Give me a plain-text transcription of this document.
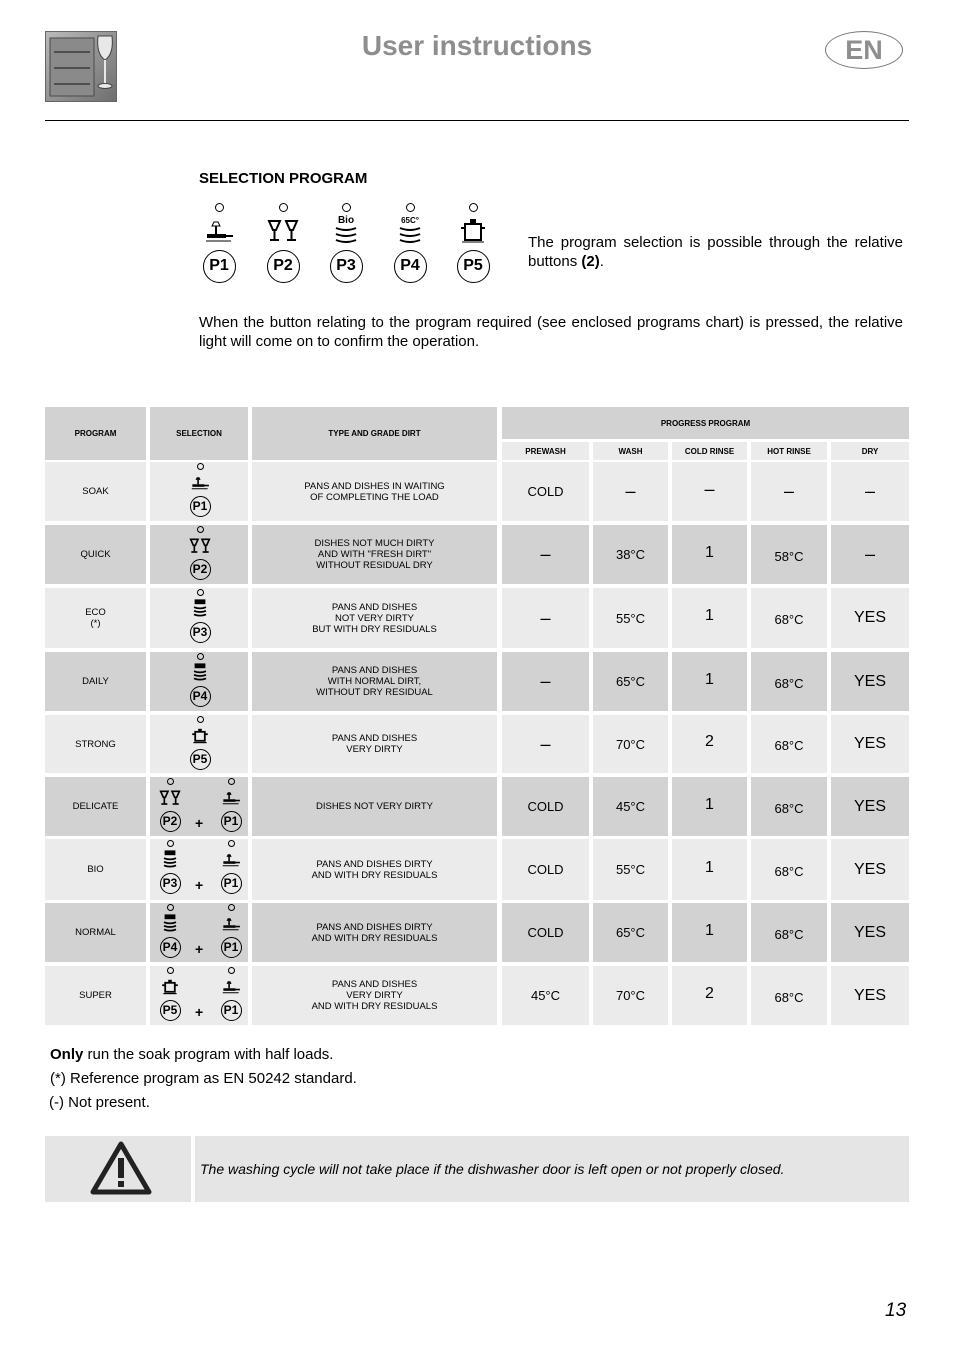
User instructions	EN
SELECTION PROGRAM
P1	P2
Bio
P3
65C°
P4	P5
The program selection is possible through the relative buttons (2).
When the button relating to the program required (see enclosed programs chart) is pressed, the relative light will come on to confirm the operation.
PROGRAM	SELECTION	TYPE AND GRADE DIRT
PROGRESS PROGRAM
PREWASH	WASH	COLD RINSE	HOT RINSE	DRY
SOAK
P1
PANS AND DISHES IN WAITING
OF COMPLETING THE LOAD	COLD	–	–	–	–
QUICK
P2
DISHES NOT MUCH DIRTY
AND WITH "FRESH DIRT"
WITHOUT RESIDUAL DRY
–	38°C	1	58°C	–
ECO
(*)
P3
PANS AND DISHES
NOT VERY DIRTY
BUT WITH DRY RESIDUALS
–	55°C	1	68°C	YES
DAILY
P4
PANS AND DISHES
WITH NORMAL DIRT,
WITHOUT DRY RESIDUAL
–	65°C	1	68°C	YES
STRONG
P5
PANS AND DISHES
VERY DIRTY	–	70°C	2	68°C	YES
DELICATE
P2	P1
+
DISHES NOT VERY DIRTY	COLD	45°C	1	68°C	YES
BIO
P3	P1
+
PANS AND DISHES DIRTY
AND WITH DRY RESIDUALS	COLD	55°C	1	68°C	YES
NORMAL
P4	P1
+
PANS AND DISHES DIRTY
AND WITH DRY RESIDUALS	COLD	65°C	1	68°C	YES
SUPER
P5	P1
+
PANS AND DISHES
VERY DIRTY
AND WITH DRY RESIDUALS
45°C	70°C	2	68°C	YES
Only run the soak program with half loads.
(*) Reference program as EN 50242 standard.
(-) Not present.
The washing cycle will not take place if the dishwasher door is left open or not properly closed.
13
